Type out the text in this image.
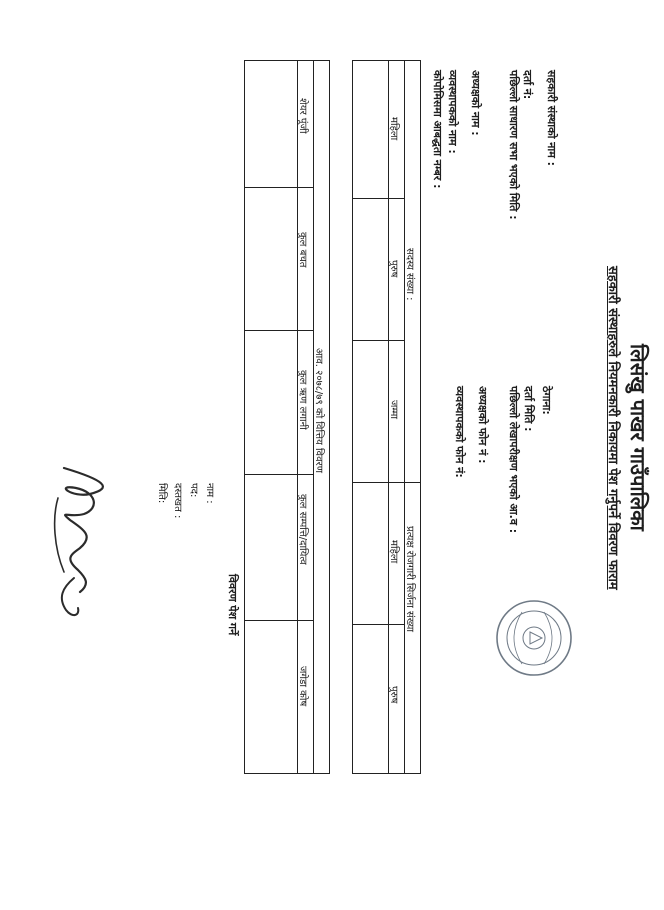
लिसंखु पाखर गाउँपालिका
सहकारी संस्थाहरुले नियमनकारी निकायमा पेश गर्नुपर्ने विवरण फाराम
सहकारी संस्थाको नाम :
दर्ता नं:
पछिल्लो साधारण सभा भएको मिति :
अध्यक्षको नाम :
व्यवस्थापकको नाम :
कोपोमिसमा आबद्धता नम्बर :
ठेगाना:
दर्ता मिति :
पछिल्लो लेखापरीक्षण भएको आ.व :
अध्यक्षको फोन नं :
व्यवस्थापकको फोन नं:
सदस्य संख्या :
प्रत्यक्ष रोजगारी सिर्जना संख्या
महिला
पुरुष
जम्मा
महिला
पुरुष
आव. २०७८/७९ को वित्तिय विवरण
शेयर पूंजी
कुल बचत
कुल ऋण लगानी
कुल सम्पत्ति/दायित्व
जगेडा कोष
विवरण पेश गर्ने
नाम :
पद:
दस्तखत :
मिति:
